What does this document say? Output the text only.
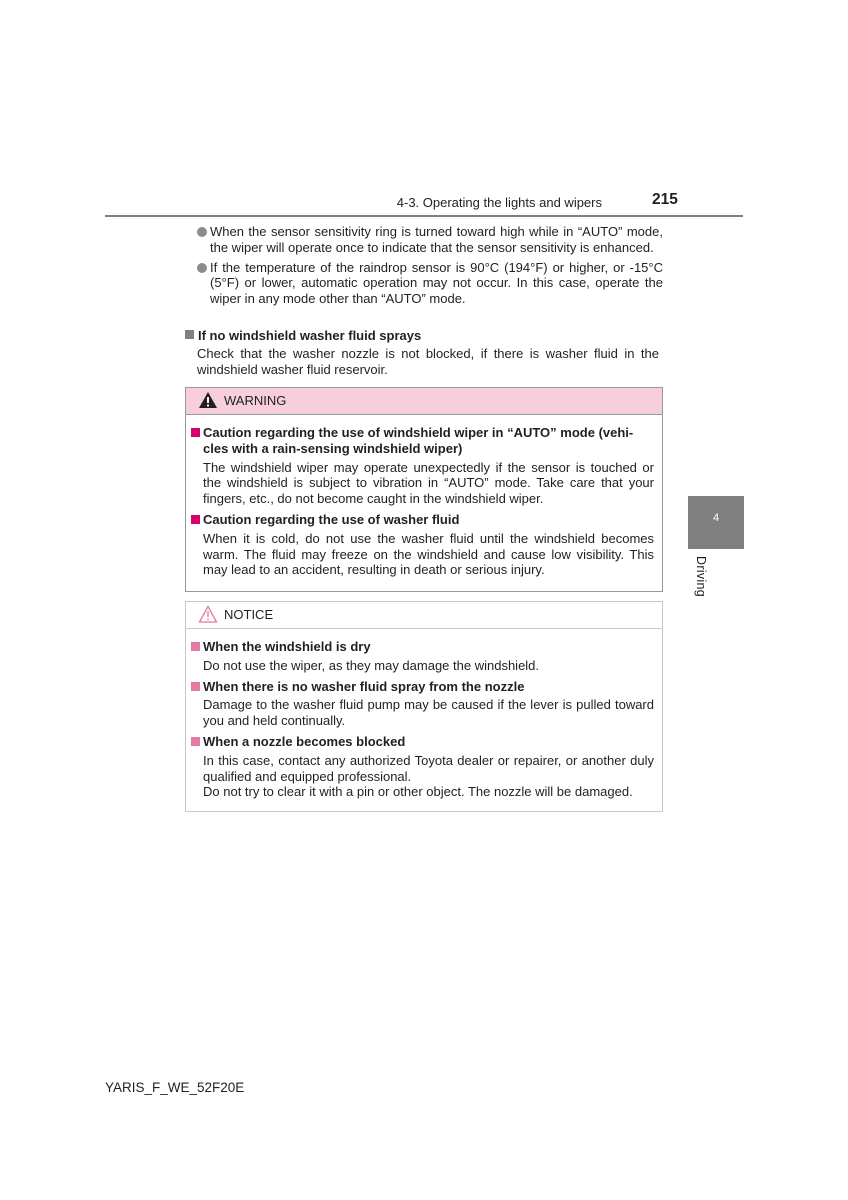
4-3. Operating the lights and wipers	215
4
Driving
When the sensor sensitivity ring is turned toward high while in “AUTO” mode, the wiper will operate once to indicate that the sensor sensitivity is enhanced.
If the temperature of the raindrop sensor is 90°C (194°F) or higher, or -15°C (5°F) or lower, automatic operation may not occur. In this case, operate the wiper in any mode other than “AUTO” mode.
If no windshield washer fluid sprays
Check that the washer nozzle is not blocked, if there is washer fluid in the windshield washer fluid reservoir.
WARNING
Caution regarding the use of windshield wiper in “AUTO” mode (vehi-cles with a rain-sensing windshield wiper)
The windshield wiper may operate unexpectedly if the sensor is touched or the windshield is subject to vibration in “AUTO” mode. Take care that your fingers, etc., do not become caught in the windshield wiper.
Caution regarding the use of washer fluid
When it is cold, do not use the washer fluid until the windshield becomes warm. The fluid may freeze on the windshield and cause low visibility. This may lead to an accident, resulting in death or serious injury.
NOTICE
When the windshield is dry
Do not use the wiper, as they may damage the windshield.
When there is no washer fluid spray from the nozzle
Damage to the washer fluid pump may be caused if the lever is pulled toward you and held continually.
When a nozzle becomes blocked
In this case, contact any authorized Toyota dealer or repairer, or another duly qualified and equipped professional.
Do not try to clear it with a pin or other object. The nozzle will be damaged.
YARIS_F_WE_52F20E
